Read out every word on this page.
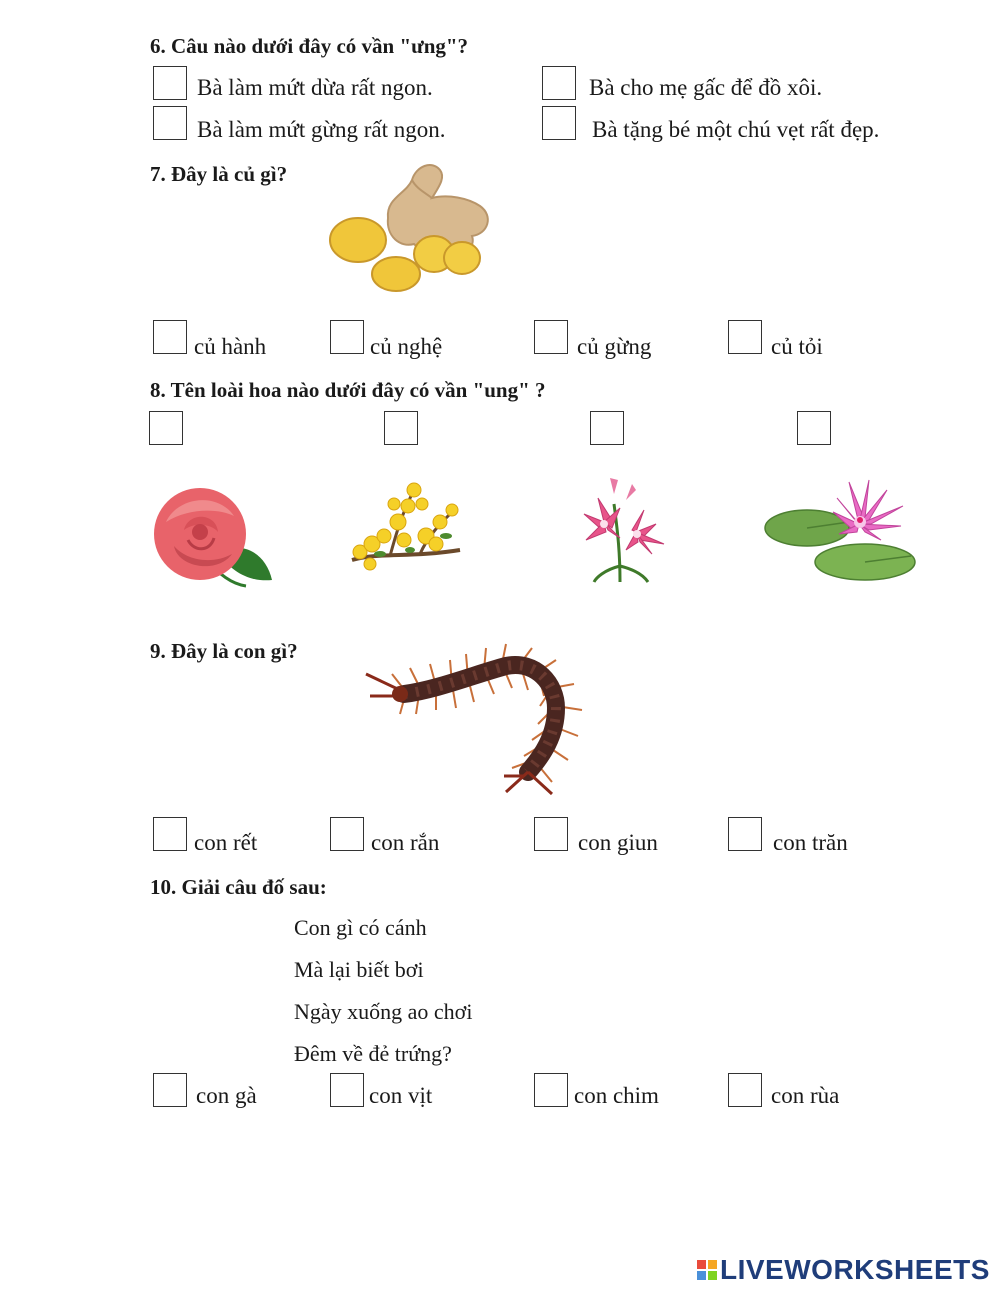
6. Câu nào dưới đây có vần "ưng"?
Bà làm mứt dừa rất ngon.	Bà cho mẹ gấc để đồ xôi.
Bà làm mứt gừng rất ngon.	Bà tặng bé một chú vẹt rất đẹp.
7. Đây là củ gì?
củ hành	củ nghệ	củ gừng	củ tỏi
8. Tên loài hoa nào dưới đây có vần "ung" ?
9. Đây là con gì?
con rết	con rắn	con giun	con trăn
10. Giải câu đố sau:
Con gì có cánh
Mà lại biết bơi
Ngày xuống ao chơi
Đêm về đẻ trứng?
con gà	con vịt	con chim	con rùa
LIVEWORKSHEETS
